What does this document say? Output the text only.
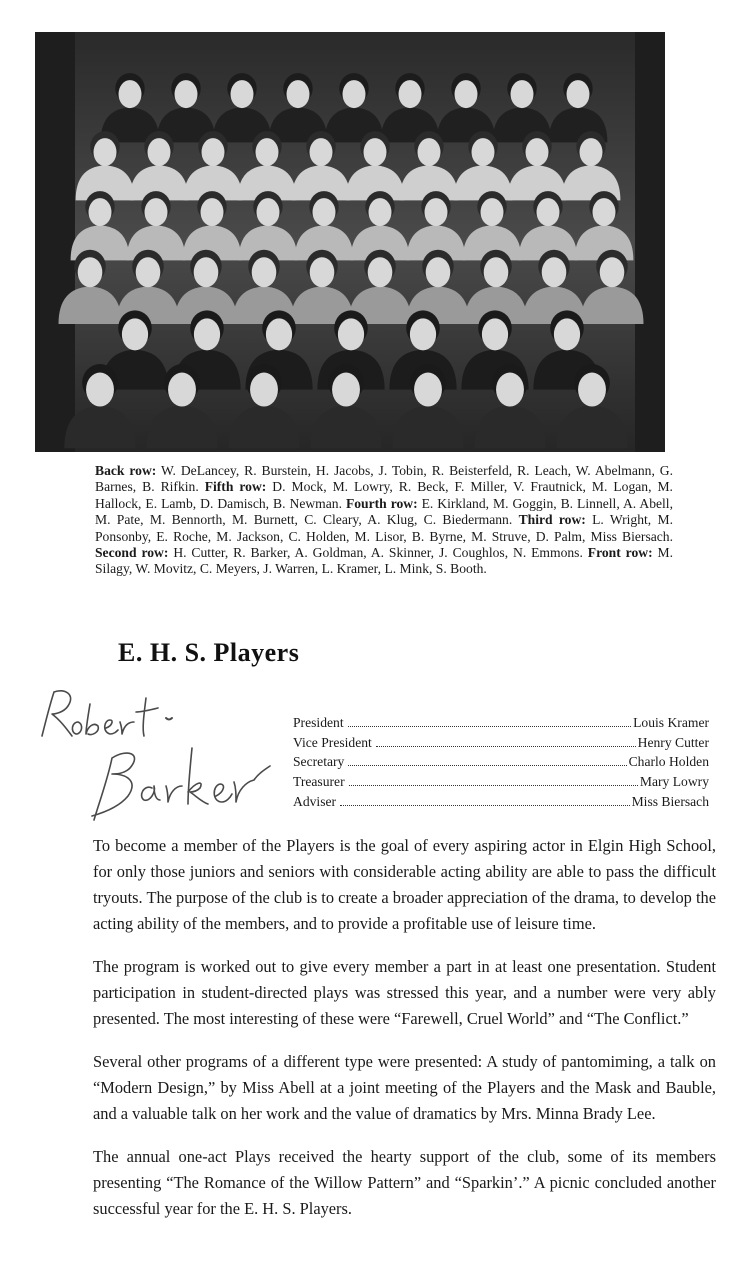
Back row: W. DeLancey, R. Burstein, H. Jacobs, J. Tobin, R. Beisterfeld, R. Leach, W. Abelmann, G. Barnes, B. Rifkin. Fifth row: D. Mock, M. Lowry, R. Beck, F. Miller, V. Frautnick, M. Logan, M. Hallock, E. Lamb, D. Damisch, B. Newman. Fourth row: E. Kirkland, M. Goggin, B. Linnell, A. Abell, M. Pate, M. Bennorth, M. Burnett, C. Cleary, A. Klug, C. Biedermann. Third row: L. Wright, M. Ponsonby, E. Roche, M. Jackson, C. Holden, M. Lisor, B. Byrne, M. Struve, D. Palm, Miss Biersach. Second row: H. Cutter, R. Barker, A. Goldman, A. Skinner, J. Coughlos, N. Emmons. Front row: M. Silagy, W. Movitz, C. Meyers, J. Warren, L. Kramer, L. Mink, S. Booth.
E. H. S. Players
President	Louis Kramer
Vice President	Henry Cutter
Secretary	Charlo Holden
Treasurer	Mary Lowry
Adviser	Miss Biersach

To become a member of the Players is the goal of every aspiring actor in Elgin High School, for only those juniors and seniors with considerable acting ability are able to pass the difficult tryouts. The purpose of the club is to create a broader appreciation of the drama, to develop the acting ability of the members, and to provide a profitable use of leisure time.

The program is worked out to give every member a part in at least one presentation. Student participation in student-directed plays was stressed this year, and a number were very ably presented. The most interesting of these were “Farewell, Cruel World” and “The Conflict.”

Several other programs of a different type were presented: A study of pantomiming, a talk on “Modern Design,” by Miss Abell at a joint meeting of the Players and the Mask and Bauble, and a valuable talk on her work and the value of dramatics by Mrs. Minna Brady Lee.

The annual one-act Plays received the hearty support of the club, some of its members presenting “The Romance of the Willow Pattern” and “Sparkin’.” A picnic concluded another successful year for the E. H. S. Players.
